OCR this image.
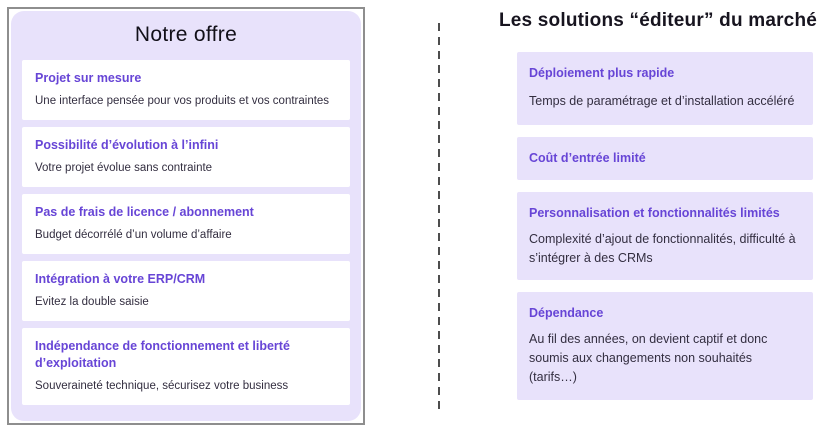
Notre offre
Projet sur mesure
Une interface pensée pour vos produits et vos contraintes
Possibilité d’évolution à l’infini
Votre projet évolue sans contrainte
Pas de frais de licence / abonnement
Budget décorrélé d’un volume d’affaire
Intégration à votre ERP/CRM
Evitez la double saisie
Indépendance de fonctionnement et liberté d’exploitation
Souveraineté technique, sécurisez votre business
Les solutions “éditeur” du marché
Déploiement plus rapide
Temps de paramétrage et d’installation accéléré
Coût d’entrée limité
Personnalisation et fonctionnalités limités
Complexité d’ajout de fonctionnalités, difficulté à s’intégrer à des CRMs
Dépendance
Au fil des années, on devient captif et donc soumis aux changements non souhaités (tarifs…)
